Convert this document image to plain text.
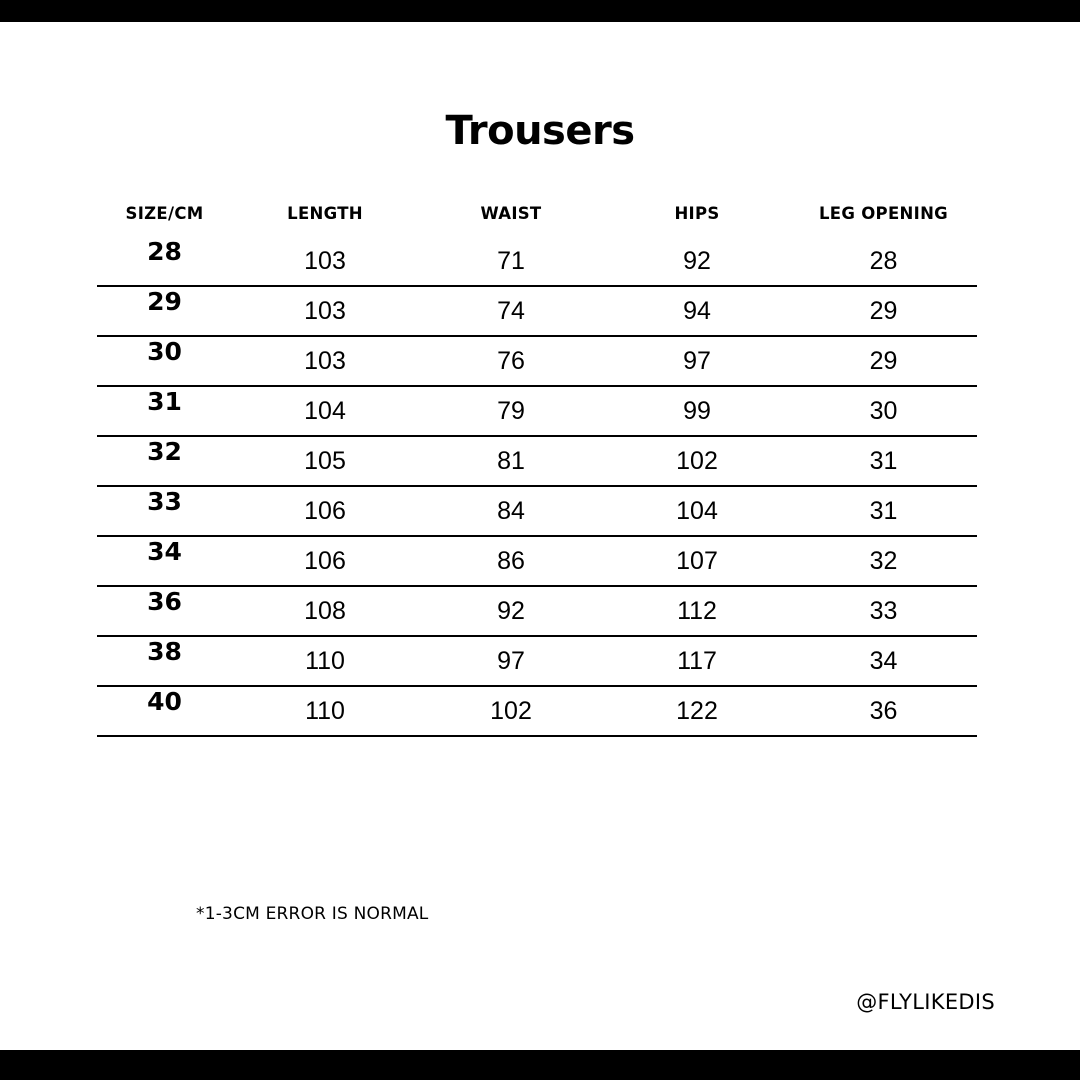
Trousers
SIZE/CM	LENGTH	WAIST	HIPS	LEG OPENING
28	103	71	92	28
29	103	74	94	29
30	103	76	97	29
31	104	79	99	30
32	105	81	102	31
33	106	84	104	31
34	106	86	107	32
36	108	92	112	33
38	110	97	117	34
40	110	102	122	36
*1-3CM ERROR IS NORMAL
@FLYLIKEDIS
